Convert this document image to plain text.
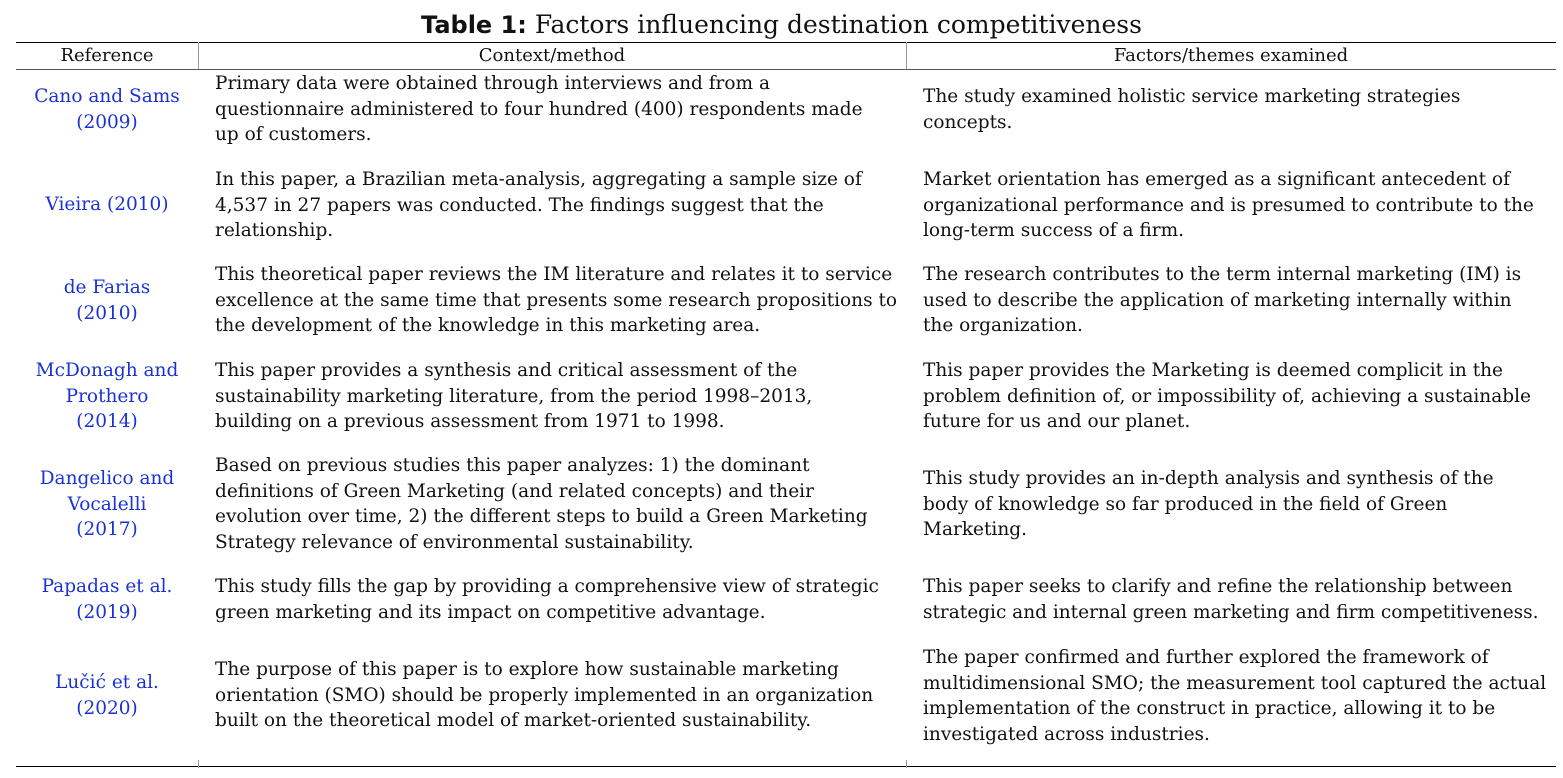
Table 1: Factors influencing destination competitiveness
Reference	Context/method	Factors/themes examined
Cano and Sams
(2009)
Primary data were obtained through interviews and from a
questionnaire administered to four hundred (400) respondents made
up of customers.
The study examined holistic service marketing strategies
concepts.
Vieira (2010)
In this paper, a Brazilian meta-analysis, aggregating a sample size of
4,537 in 27 papers was conducted. The findings suggest that the
relationship.
Market orientation has emerged as a significant antecedent of
organizational performance and is presumed to contribute to the
long-term success of a firm.
de Farias
(2010)
This theoretical paper reviews the IM literature and relates it to service
excellence at the same time that presents some research propositions to
the development of the knowledge in this marketing area.
The research contributes to the term internal marketing (IM) is
used to describe the application of marketing internally within
the organization.
McDonagh and
Prothero
(2014)
This paper provides a synthesis and critical assessment of the
sustainability marketing literature, from the period 1998–2013,
building on a previous assessment from 1971 to 1998.
This paper provides the Marketing is deemed complicit in the
problem definition of, or impossibility of, achieving a sustainable
future for us and our planet.
Dangelico and
Vocalelli
(2017)
Based on previous studies this paper analyzes: 1) the dominant
definitions of Green Marketing (and related concepts) and their
evolution over time, 2) the different steps to build a Green Marketing
Strategy relevance of environmental sustainability.
This study provides an in-depth analysis and synthesis of the
body of knowledge so far produced in the field of Green
Marketing.
Papadas et al.
(2019)
This study fills the gap by providing a comprehensive view of strategic
green marketing and its impact on competitive advantage.
This paper seeks to clarify and refine the relationship between
strategic and internal green marketing and firm competitiveness.
Lučić et al.
(2020)
The purpose of this paper is to explore how sustainable marketing
orientation (SMO) should be properly implemented in an organization
built on the theoretical model of market-oriented sustainability.
The paper confirmed and further explored the framework of
multidimensional SMO; the measurement tool captured the actual
implementation of the construct in practice, allowing it to be
investigated across industries.
